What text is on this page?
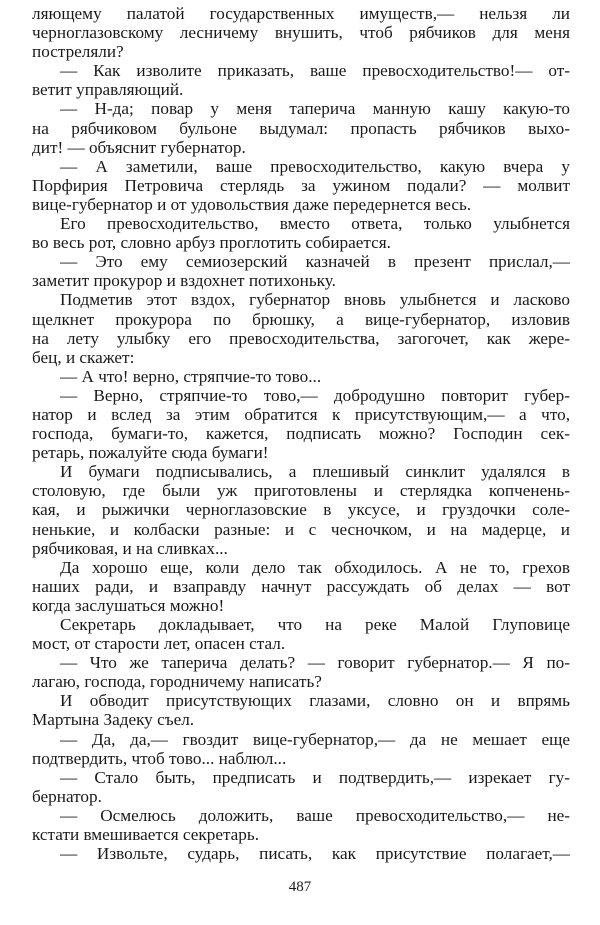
ляющему палатой государственных имуществ,— нельзя ли
черноглазовскому лесничему внушить, чтоб рябчиков для меня
постреляли?
— Как изволите приказать, ваше превосходительство!— от-
ветит управляющий.
— Н-да; повар у меня таперича манную кашу какую-то
на рябчиковом бульоне выдумал: пропасть рябчиков выхо-
дит! — объяснит губернатор.
— А заметили, ваше превосходительство, какую вчера у
Порфирия Петровича стерлядь за ужином подали? — молвит
вице-губернатор и от удовольствия даже передернется весь.
Его превосходительство, вместо ответа, только улыбнется
во весь рот, словно арбуз проглотить собирается.
— Это ему семиозерский казначей в презент прислал,—
заметит прокурор и вздохнет потихоньку.
Подметив этот вздох, губернатор вновь улыбнется и ласково
щелкнет прокурора по брюшку, а вице-губернатор, изловив
на лету улыбку его превосходительства, загогочет, как жере-
бец, и скажет:
— А что! верно, стряпчие-то тово...
— Верно, стряпчие-то тово,— добродушно повторит губер-
натор и вслед за этим обратится к присутствующим,— а что,
господа, бумаги-то, кажется, подписать можно? Господин сек-
ретарь, пожалуйте сюда бумаги!
И бумаги подписывались, а плешивый синклит удалялся в
столовую, где были уж приготовлены и стерлядка копченень-
кая, и рыжички черноглазовские в уксусе, и груздочки соле-
ненькие, и колбаски разные: и с чесночком, и на мадерце, и
рябчиковая, и на сливках...
Да хорошо еще, коли дело так обходилось. А не то, грехов
наших ради, и взаправду начнут рассуждать об делах — вот
когда заслушаться можно!
Секретарь докладывает, что на реке Малой Глуповице
мост, от старости лет, опасен стал.
— Что же таперича делать? — говорит губернатор.— Я по-
лагаю, господа, городничему написать?
И обводит присутствующих глазами, словно он и впрямь
Мартына Задеку съел.
— Да, да,— гвоздит вице-губернатор,— да не мешает еще
подтвердить, чтоб тово... наблюл...
— Стало быть, предписать и подтвердить,— изрекает гу-
бернатор.
— Осмелюсь доложить, ваше превосходительство,— не-
кстати вмешивается секретарь.
— Извольте, сударь, писать, как присутствие полагает,—
487
